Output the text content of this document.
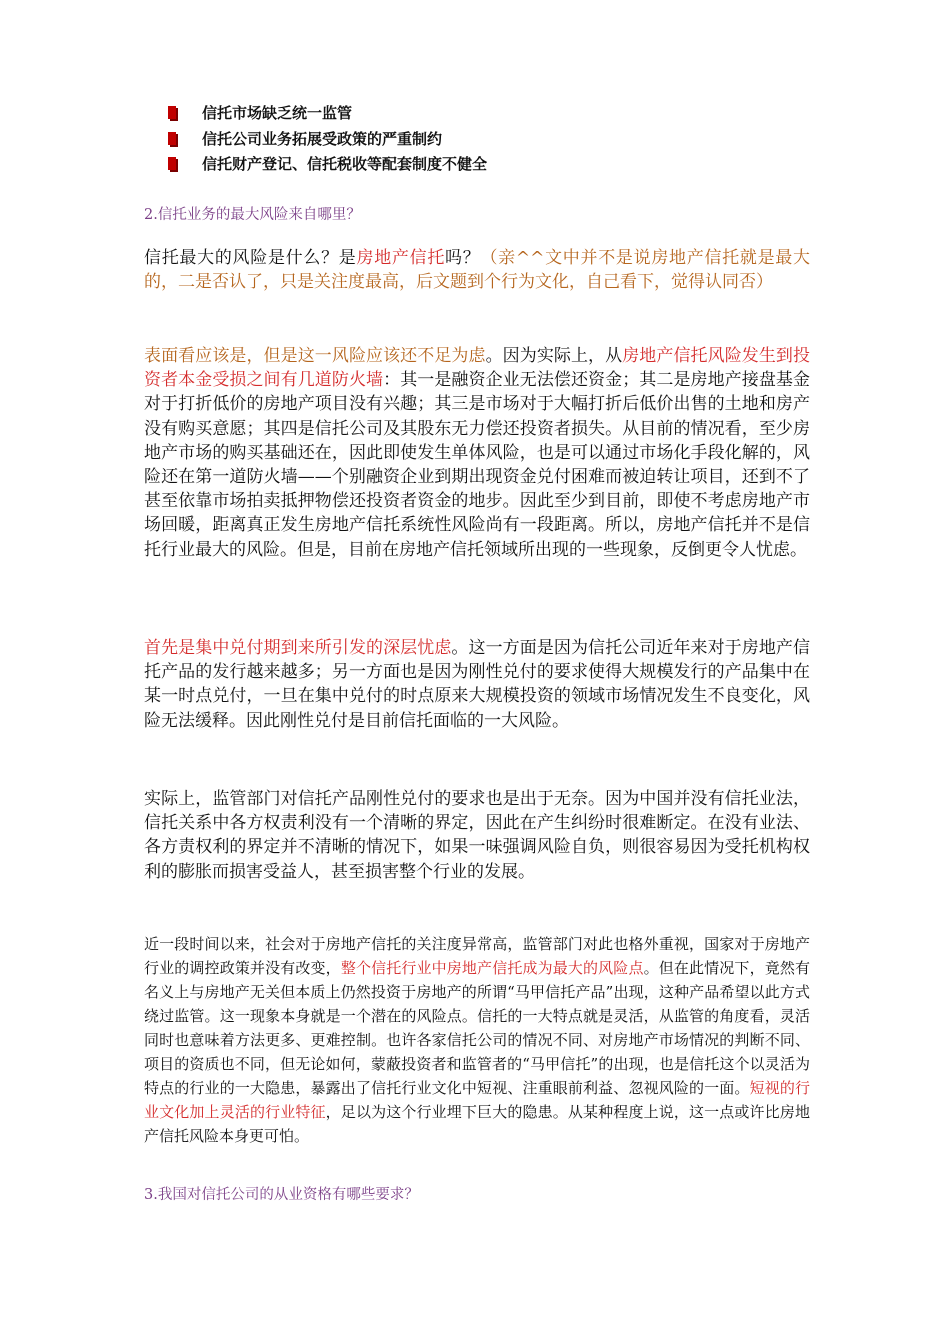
信托市场缺乏统一监管
信托公司业务拓展受政策的严重制约
信托财产登记、信托税收等配套制度不健全
2.信托业务的最大风险来自哪里？

信托最大的风险是什么？是房地产信托吗？（亲^^文中并不是说房地产信托就是最大的，二是否认了，只是关注度最高，后文题到个行为文化，自己看下，觉得认同否）

表面看应该是，但是这一风险应该还不足为虑。因为实际上，从房地产信托风险发生到投资者本金受损之间有几道防火墙：其一是融资企业无法偿还资金；其二是房地产接盘基金对于打折低价的房地产项目没有兴趣；其三是市场对于大幅打折后低价出售的土地和房产没有购买意愿；其四是信托公司及其股东无力偿还投资者损失。从目前的情况看，至少房地产市场的购买基础还在，因此即使发生单体风险，也是可以通过市场化手段化解的，风险还在第一道防火墙——个别融资企业到期出现资金兑付困难而被迫转让项目，还到不了甚至依靠市场拍卖抵押物偿还投资者资金的地步。因此至少到目前，即使不考虑房地产市场回暖，距离真正发生房地产信托系统性风险尚有一段距离。所以，房地产信托并不是信托行业最大的风险。但是，目前在房地产信托领域所出现的一些现象，反倒更令人忧虑。

首先是集中兑付期到来所引发的深层忧虑。这一方面是因为信托公司近年来对于房地产信托产品的发行越来越多；另一方面也是因为刚性兑付的要求使得大规模发行的产品集中在某一时点兑付，一旦在集中兑付的时点原来大规模投资的领域市场情况发生不良变化，风险无法缓释。因此刚性兑付是目前信托面临的一大风险。

实际上，监管部门对信托产品刚性兑付的要求也是出于无奈。因为中国并没有信托业法，信托关系中各方权责利没有一个清晰的界定，因此在产生纠纷时很难断定。在没有业法、各方责权利的界定并不清晰的情况下，如果一味强调风险自负，则很容易因为受托机构权利的膨胀而损害受益人，甚至损害整个行业的发展。

近一段时间以来，社会对于房地产信托的关注度异常高，监管部门对此也格外重视，国家对于房地产行业的调控政策并没有改变，整个信托行业中房地产信托成为最大的风险点。但在此情况下，竟然有名义上与房地产无关但本质上仍然投资于房地产的所谓“马甲信托产品”出现，这种产品希望以此方式绕过监管。这一现象本身就是一个潜在的风险点。信托的一大特点就是灵活，从监管的角度看，灵活同时也意味着方法更多、更难控制。也许各家信托公司的情况不同、对房地产市场情况的判断不同、项目的资质也不同，但无论如何，蒙蔽投资者和监管者的“马甲信托”的出现，也是信托这个以灵活为特点的行业的一大隐患，暴露出了信托行业文化中短视、注重眼前利益、忽视风险的一面。短视的行业文化加上灵活的行业特征，足以为这个行业埋下巨大的隐患。从某种程度上说，这一点或许比房地产信托风险本身更可怕。

3.我国对信托公司的从业资格有哪些要求？
